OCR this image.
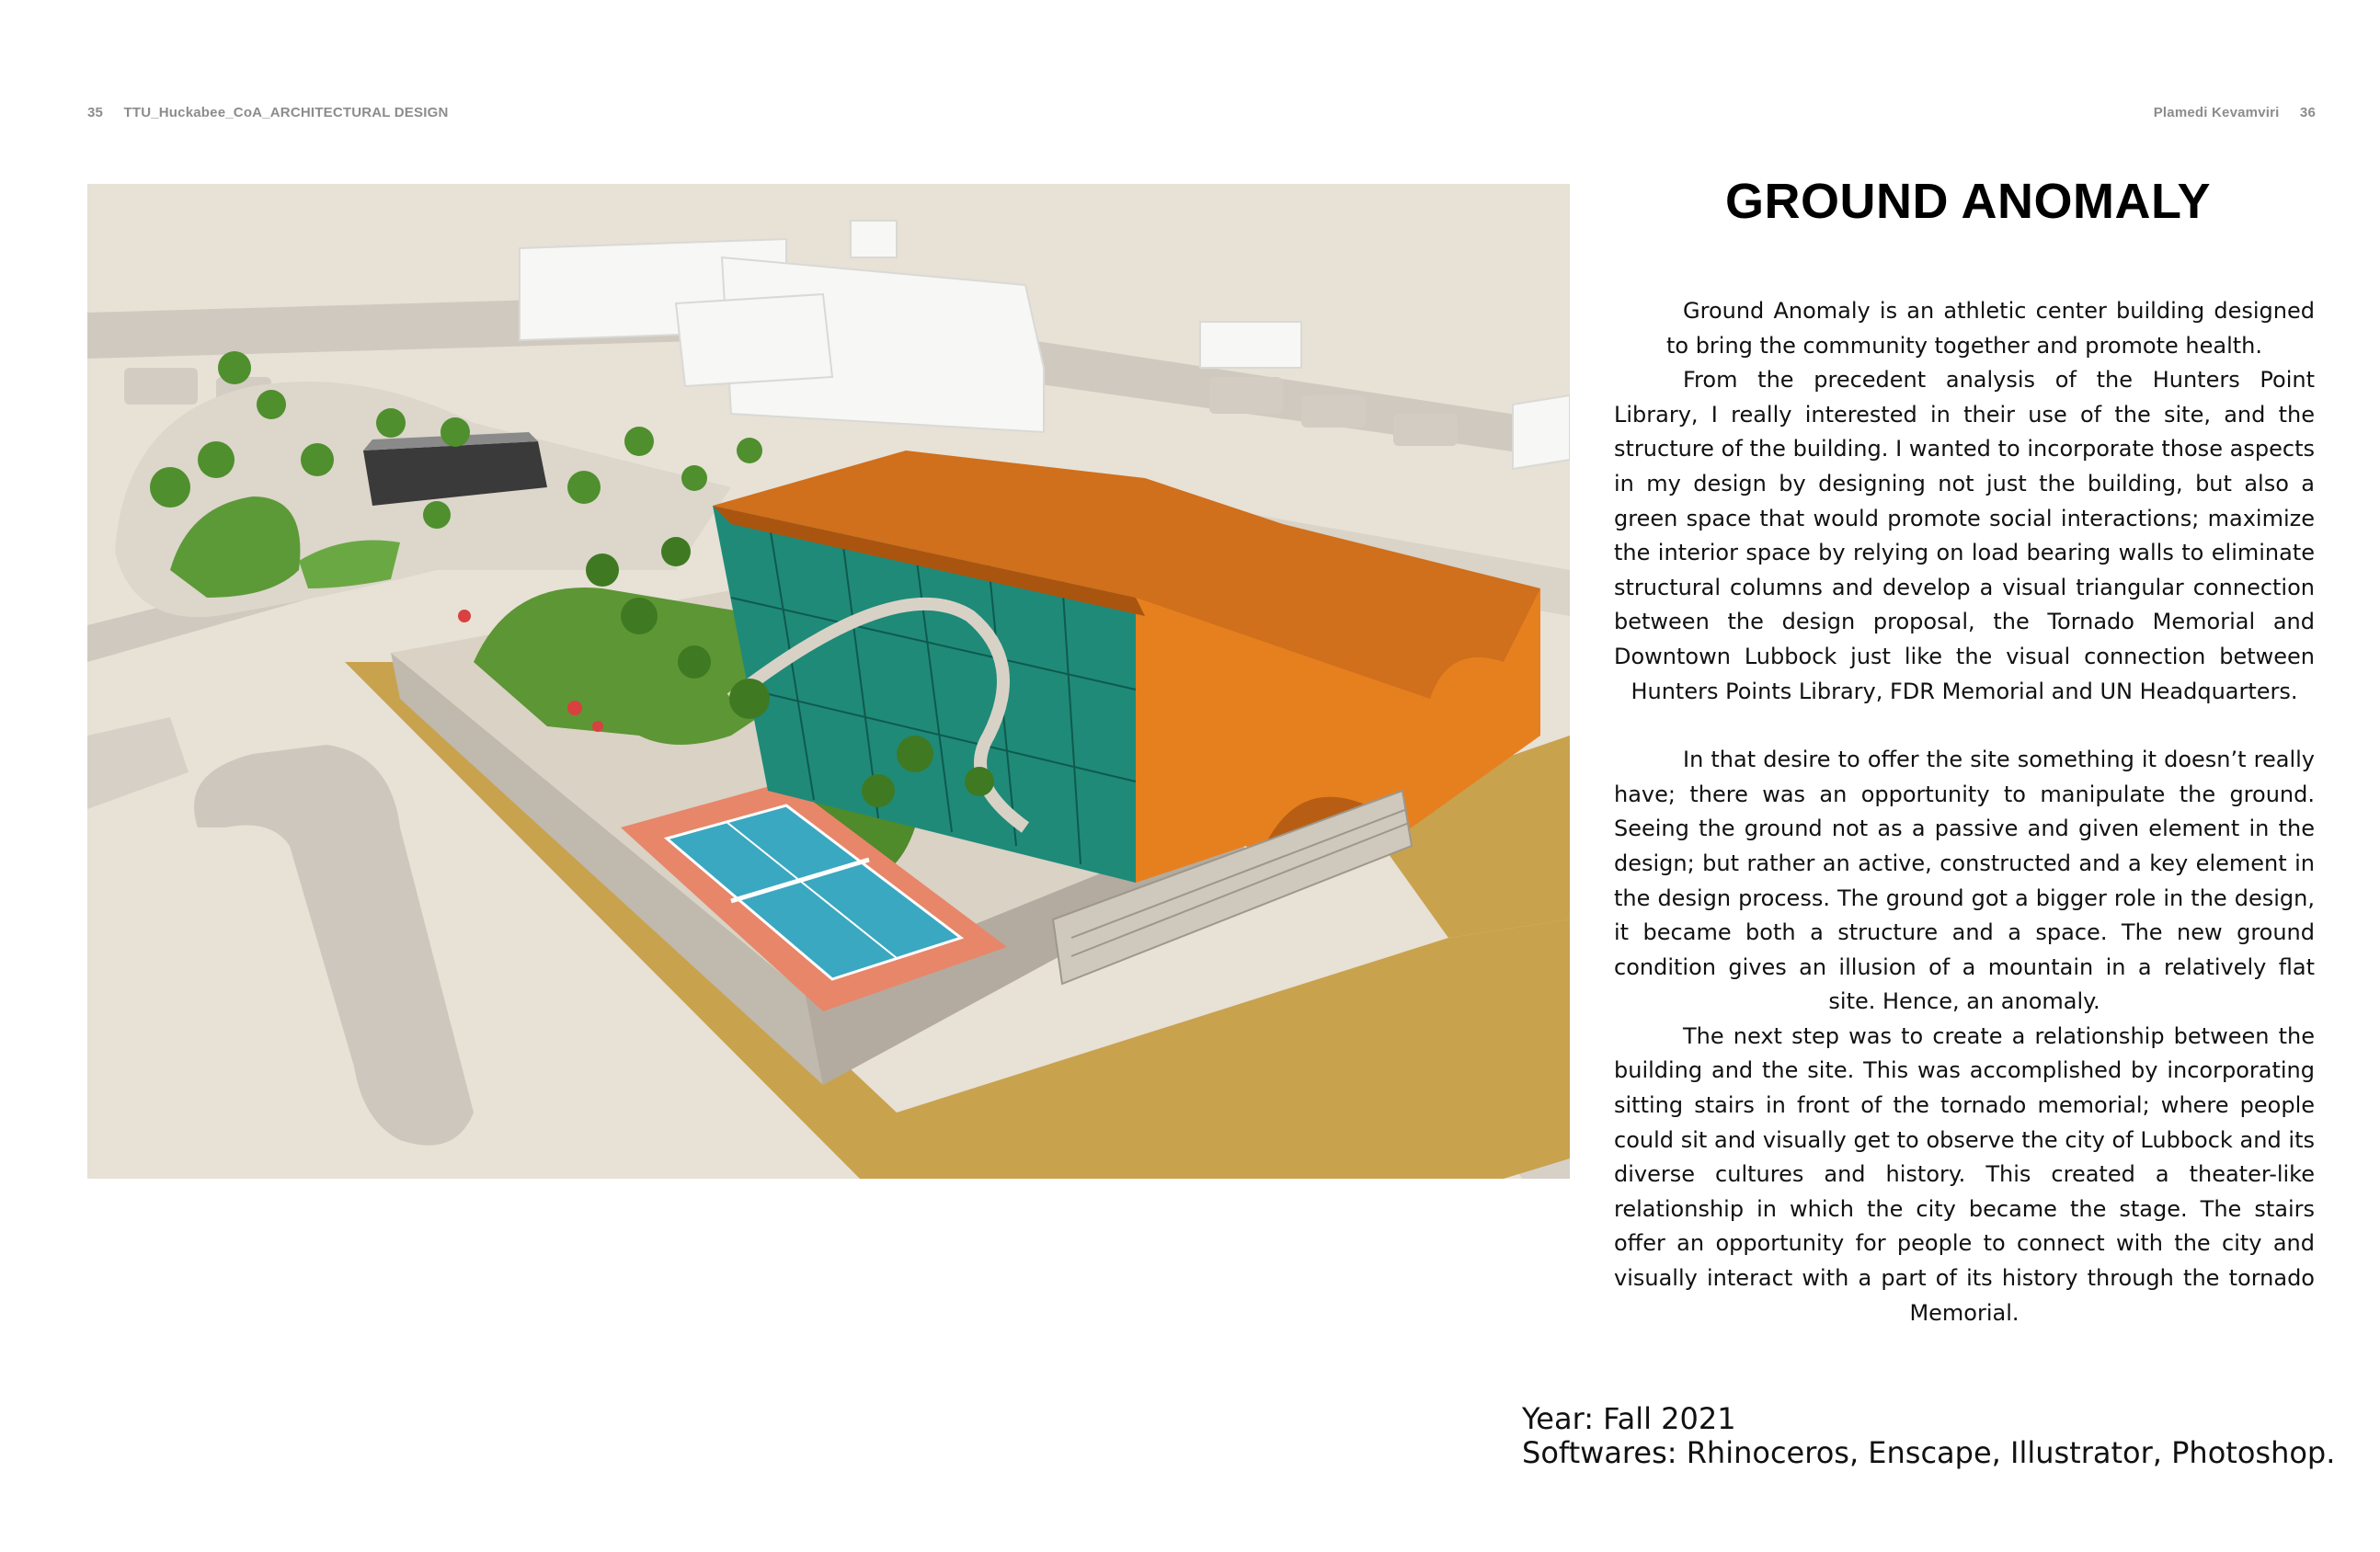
35 TTU_Huckabee_CoA_ARCHITECTURAL DESIGN	Plamedi Kevamviri 36
GROUND ANOMALY

Ground Anomaly is an athletic center building designed to bring the community together and promote health.

From the precedent analysis of the Hunters Point Library, I really interested in their use of the site, and the structure of the building. I wanted to incorporate those aspects in my design by designing not just the building, but also a green space that would promote social interactions; maximize the interior space by relying on load bearing walls to eliminate structural columns and develop a visual triangular connection between the design proposal, the Tornado Memorial and Downtown Lubbock just like the visual connection between Hunters Points Library, FDR Memorial and UN Headquarters.

In that desire to offer the site something it doesn’t really have; there was an opportunity to manipulate the ground. Seeing the ground not as a passive and given element in the design; but rather an active, constructed and a key element in the design process. The ground got a bigger role in the design, it became both a structure and a space. The new ground condition gives an illusion of a mountain in a relatively flat site. Hence, an anomaly.

The next step was to create a relationship between the building and the site. This was accomplished by incorporating sitting stairs in front of the tornado memorial; where people could sit and visually get to observe the city of Lubbock and its diverse cultures and history. This created a theater-like relationship in which the city became the stage. The stairs offer an opportunity for people to connect with the city and visually interact with a part of its history through the tornado Memorial.

Year: Fall 2021
Softwares: Rhinoceros, Enscape, Illustrator, Photoshop.
